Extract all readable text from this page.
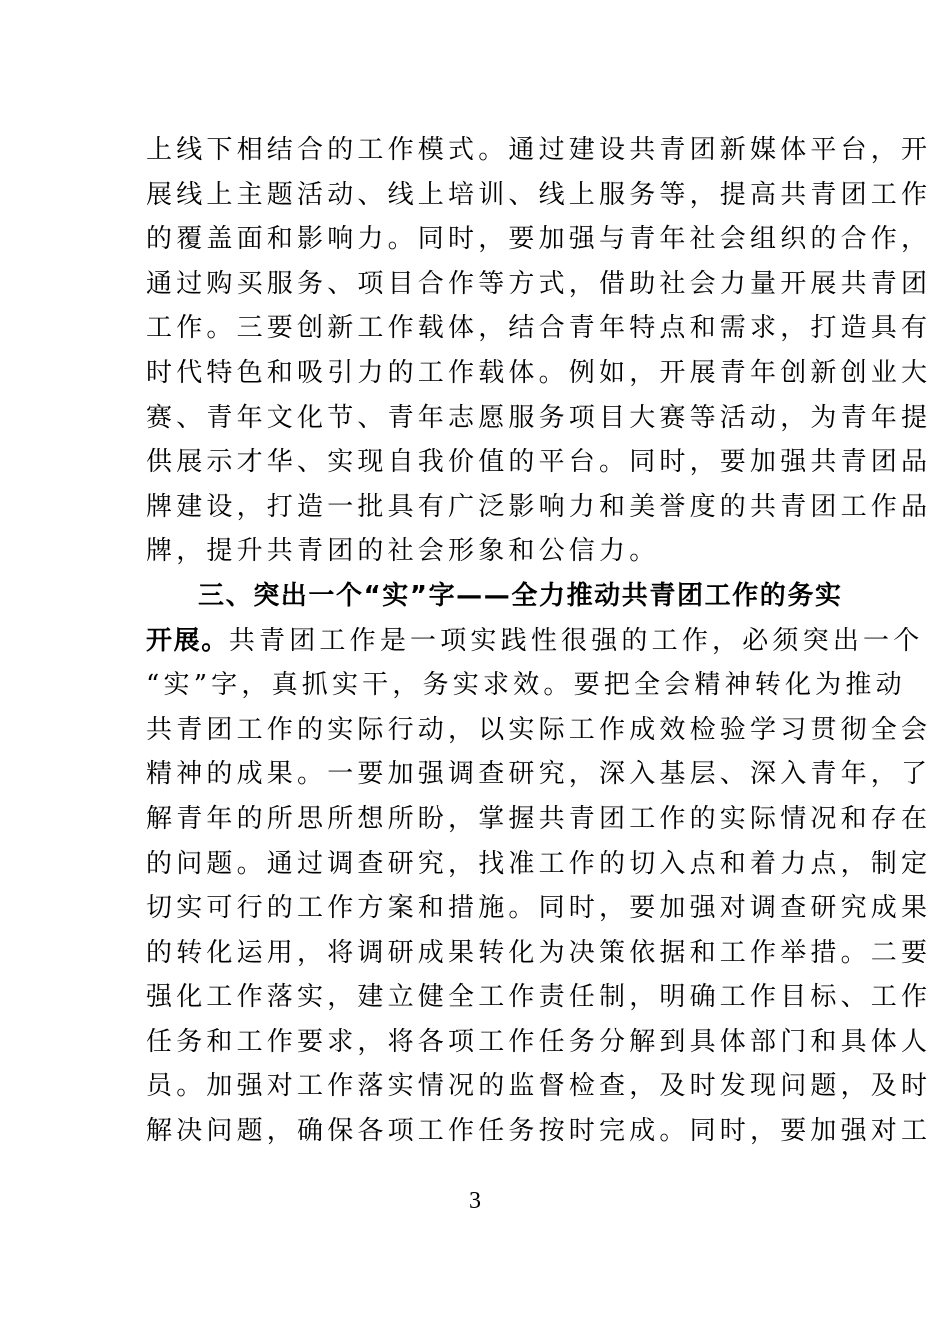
上线下相结合的工作模式。通过建设共青团新媒体平台，开
展线上主题活动、线上培训、线上服务等，提高共青团工作
的覆盖面和影响力。同时，要加强与青年社会组织的合作，
通过购买服务、项目合作等方式，借助社会力量开展共青团
工作。三要创新工作载体，结合青年特点和需求，打造具有
时代特色和吸引力的工作载体。例如，开展青年创新创业大
赛、青年文化节、青年志愿服务项目大赛等活动，为青年提
供展示才华、实现自我价值的平台。同时，要加强共青团品
牌建设，打造一批具有广泛影响力和美誉度的共青团工作品
牌，提升共青团的社会形象和公信力。

三、突出一个“实”字——全力推动共青团工作的务实
开展。共青团工作是一项实践性很强的工作，必须突出一个
“实”字，真抓实干，务实求效。要把全会精神转化为推动
共青团工作的实际行动，以实际工作成效检验学习贯彻全会
精神的成果。一要加强调查研究，深入基层、深入青年，了
解青年的所思所想所盼，掌握共青团工作的实际情况和存在
的问题。通过调查研究，找准工作的切入点和着力点，制定
切实可行的工作方案和措施。同时，要加强对调查研究成果
的转化运用，将调研成果转化为决策依据和工作举措。二要
强化工作落实，建立健全工作责任制，明确工作目标、工作
任务和工作要求，将各项工作任务分解到具体部门和具体人
员。加强对工作落实情况的监督检查，及时发现问题，及时
解决问题，确保各项工作任务按时完成。同时，要加强对工

3
